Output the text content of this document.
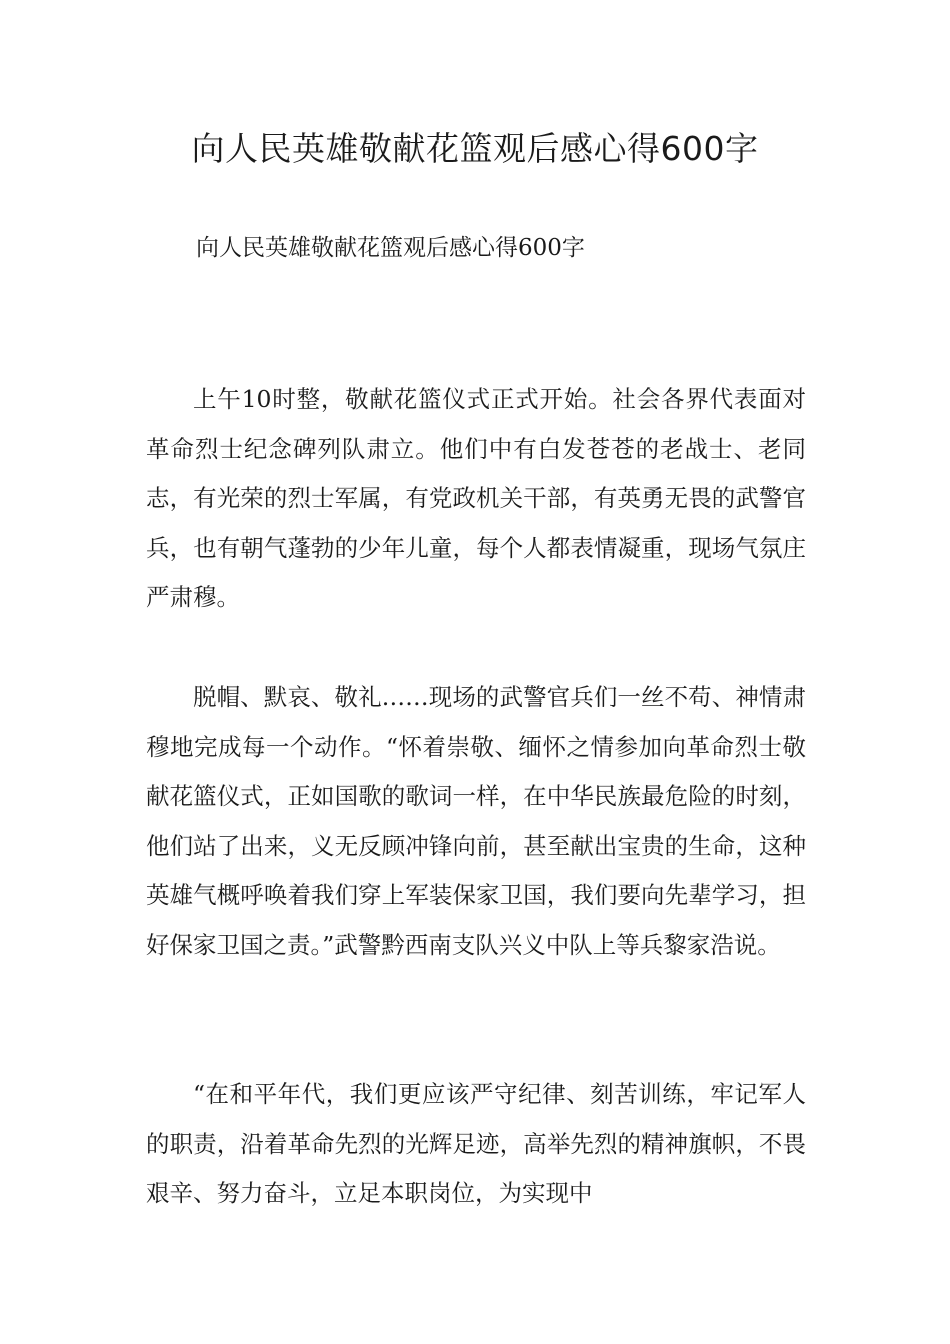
向人民英雄敬献花篮观后感心得600字

向人民英雄敬献花篮观后感心得600字

上午10时整，敬献花篮仪式正式开始。社会各界代表面对革命烈士纪念碑列队肃立。他们中有白发苍苍的老战士、老同志，有光荣的烈士军属，有党政机关干部，有英勇无畏的武警官兵，也有朝气蓬勃的少年儿童，每个人都表情凝重，现场气氛庄严肃穆。

脱帽、默哀、敬礼……现场的武警官兵们一丝不苟、神情肃穆地完成每一个动作。“怀着崇敬、缅怀之情参加向革命烈士敬献花篮仪式，正如国歌的歌词一样，在中华民族最危险的时刻，他们站了出来，义无反顾冲锋向前，甚至献出宝贵的生命，这种英雄气概呼唤着我们穿上军装保家卫国，我们要向先辈学习，担好保家卫国之责。”武警黔西南支队兴义中队上等兵黎家浩说。

“在和平年代，我们更应该严守纪律、刻苦训练，牢记军人的职责，沿着革命先烈的光辉足迹，高举先烈的精神旗帜，不畏艰辛、努力奋斗，立足本职岗位，为实现中
